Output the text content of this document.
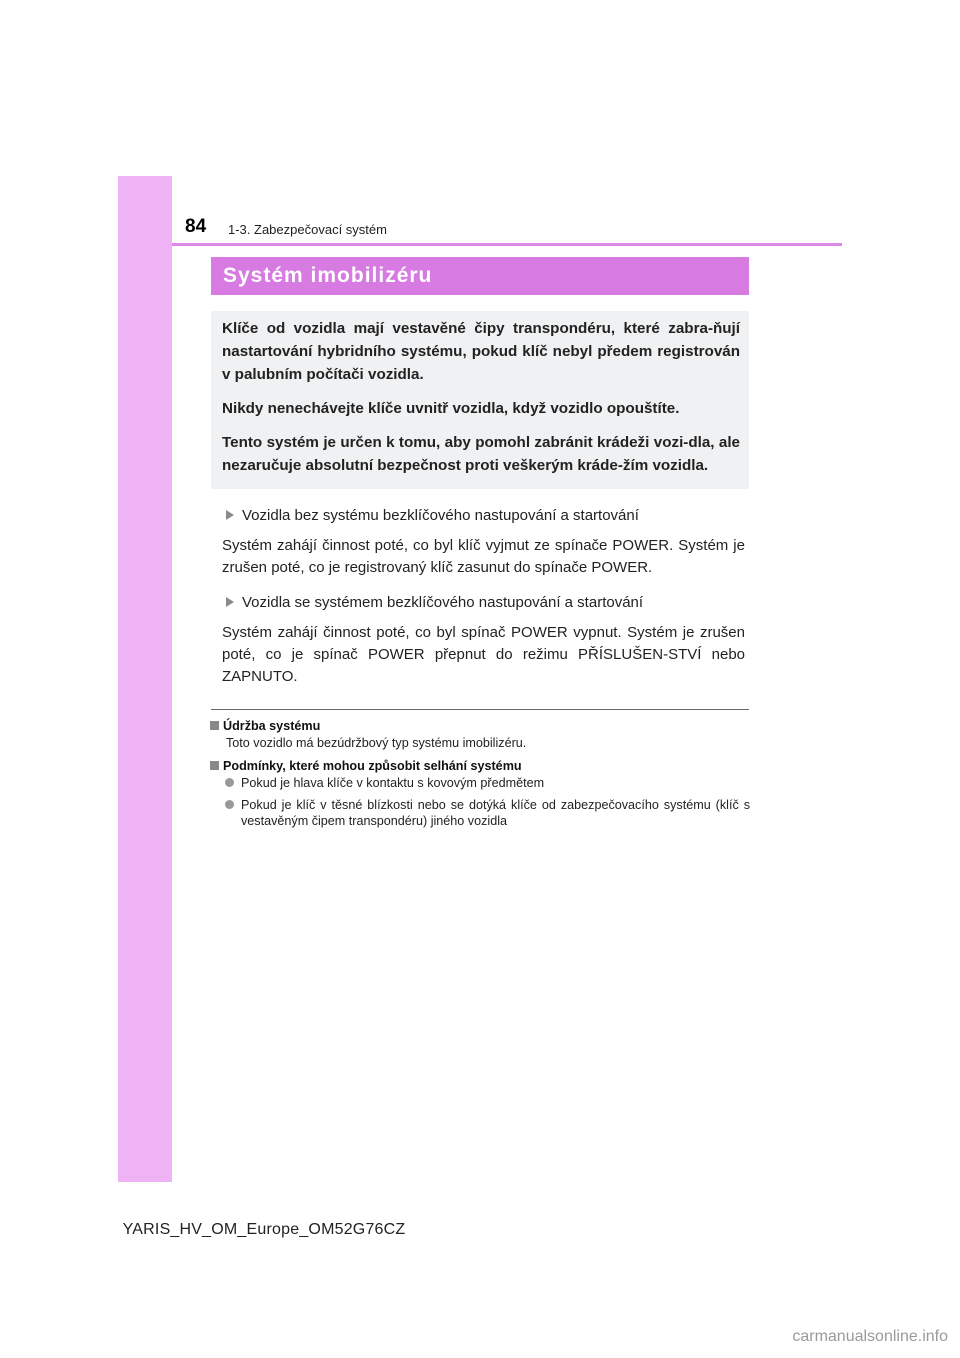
84 1-3. Zabezpečovací systém
Systém imobilizéru

Klíče od vozidla mají vestavěné čipy transpondéru, které zabra-ňují nastartování hybridního systému, pokud klíč nebyl předem registrován v palubním počítači vozidla.

Nikdy nenechávejte klíče uvnitř vozidla, když vozidlo opouštíte.

Tento systém je určen k tomu, aby pomohl zabránit krádeži vozi-dla, ale nezaručuje absolutní bezpečnost proti veškerým kráde-žím vozidla.

Vozidla bez systému bezklíčového nastupování a startování

Systém zahájí činnost poté, co byl klíč vyjmut ze spínače POWER. Systém je zrušen poté, co je registrovaný klíč zasunut do spínače POWER.

Vozidla se systémem bezklíčového nastupování a startování

Systém zahájí činnost poté, co byl spínač POWER vypnut. Systém je zrušen poté, co je spínač POWER přepnut do režimu PŘÍSLUŠEN-STVÍ nebo ZAPNUTO.

Údržba systému

Toto vozidlo má bezúdržbový typ systému imobilizéru.

Podmínky, které mohou způsobit selhání systému

Pokud je hlava klíče v kontaktu s kovovým předmětem
Pokud je klíč v těsné blízkosti nebo se dotýká klíče od zabezpečovacího systému (klíč s vestavěným čipem transpondéru) jiného vozidla
YARIS_HV_OM_Europe_OM52G76CZ
carmanualsonline.info
